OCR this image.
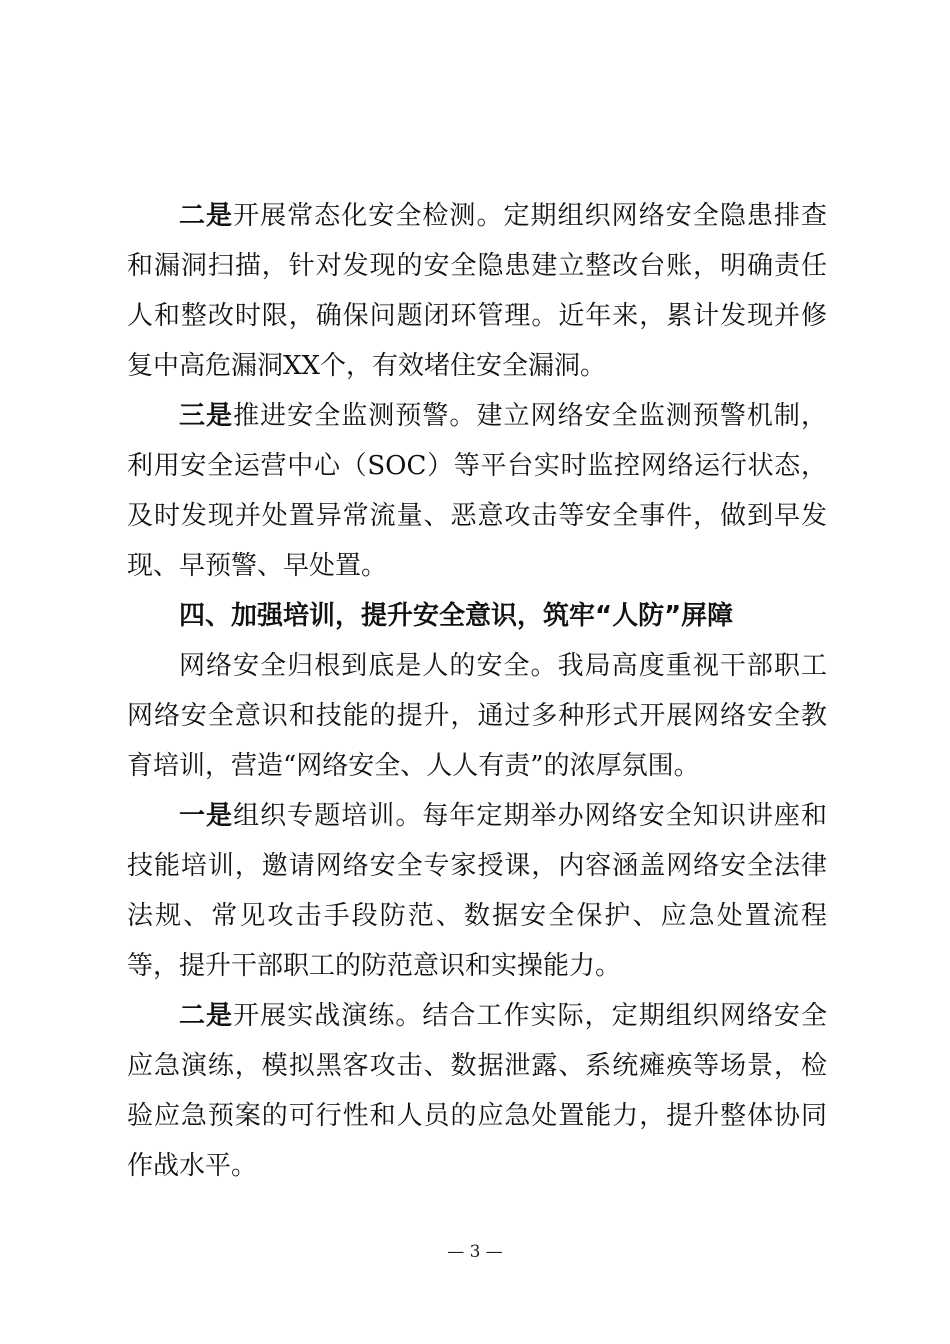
二是开展常态化安全检测。定期组织网络安全隐患排查和漏洞扫描，针对发现的安全隐患建立整改台账，明确责任人和整改时限，确保问题闭环管理。近年来，累计发现并修复中高危漏洞XX个，有效堵住安全漏洞。

三是推进安全监测预警。建立网络安全监测预警机制，利用安全运营中心（SOC）等平台实时监控网络运行状态，及时发现并处置异常流量、恶意攻击等安全事件，做到早发现、早预警、早处置。

四、加强培训，提升安全意识，筑牢“人防”屏障

网络安全归根到底是人的安全。我局高度重视干部职工网络安全意识和技能的提升，通过多种形式开展网络安全教育培训，营造“网络安全、人人有责”的浓厚氛围。

一是组织专题培训。每年定期举办网络安全知识讲座和技能培训，邀请网络安全专家授课，内容涵盖网络安全法律法规、常见攻击手段防范、数据安全保护、应急处置流程等，提升干部职工的防范意识和实操能力。

二是开展实战演练。结合工作实际，定期组织网络安全应急演练，模拟黑客攻击、数据泄露、系统瘫痪等场景，检验应急预案的可行性和人员的应急处置能力，提升整体协同作战水平。

— 3 —
